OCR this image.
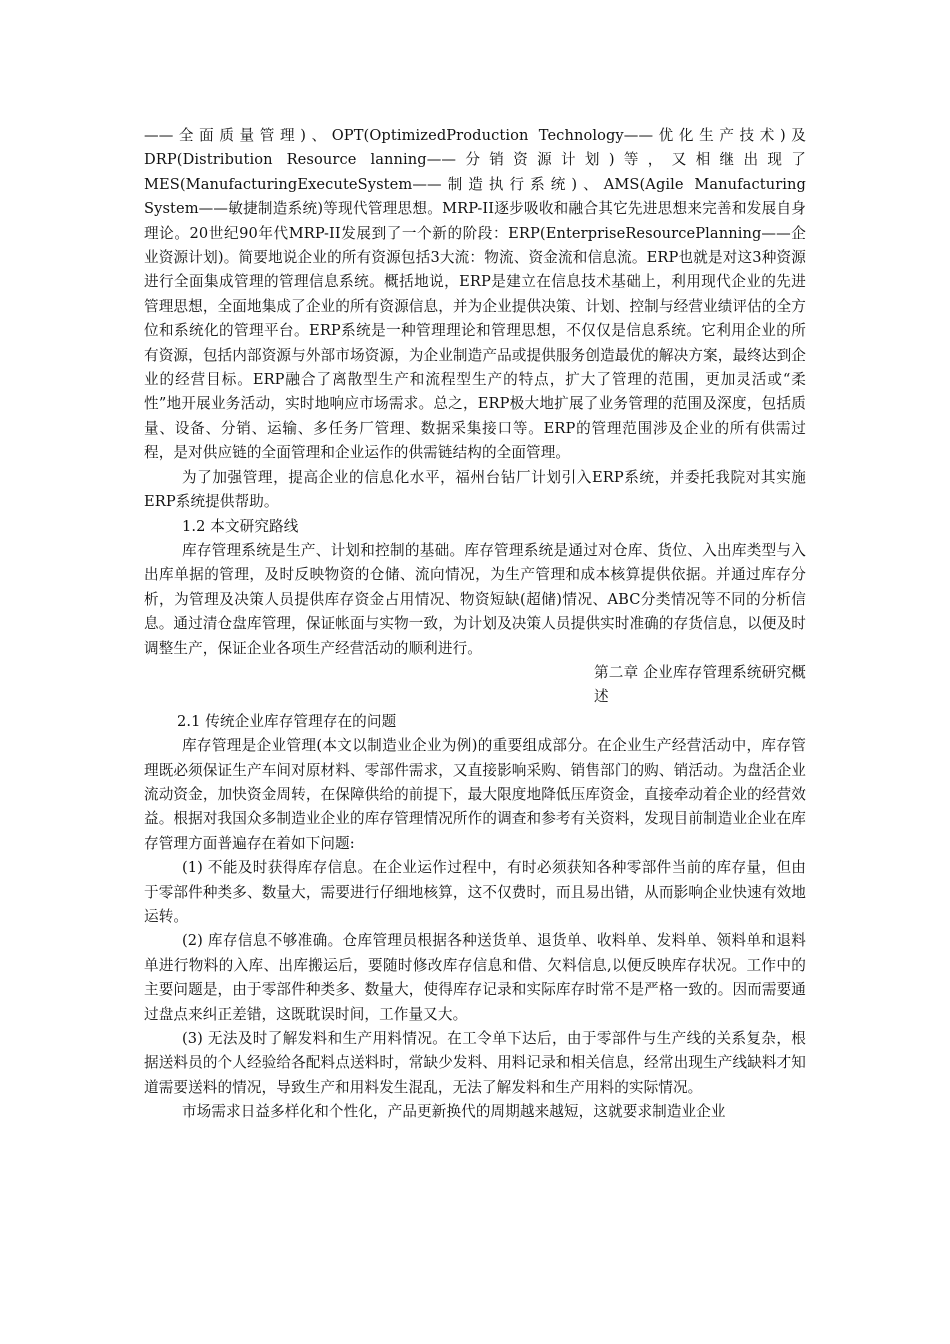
——全面质量管理)、OPT(OptimizedProduction Technology——优化生产技术)及DRP(Distribution Resource lanning——分销资源计划)等，又相继出现了MES(ManufacturingExecuteSystem——制造执行系统)、AMS(Agile Manufacturing System——敏捷制造系统)等现代管理思想。MRP-II逐步吸收和融合其它先进思想来完善和发展自身理论。20世纪90年代MRP-II发展到了一个新的阶段：ERP(EnterpriseResourcePlanning——企业资源计划)。简要地说企业的所有资源包括3大流：物流、资金流和信息流。ERP也就是对这3种资源进行全面集成管理的管理信息系统。概括地说，ERP是建立在信息技术基础上，利用现代企业的先进管理思想，全面地集成了企业的所有资源信息，并为企业提供决策、计划、控制与经营业绩评估的全方位和系统化的管理平台。ERP系统是一种管理理论和管理思想，不仅仅是信息系统。它利用企业的所有资源，包括内部资源与外部市场资源，为企业制造产品或提供服务创造最优的解决方案，最终达到企业的经营目标。ERP融合了离散型生产和流程型生产的特点，扩大了管理的范围，更加灵活或“柔性”地开展业务活动，实时地响应市场需求。总之，ERP极大地扩展了业务管理的范围及深度，包括质量、设备、分销、运输、多任务厂管理、数据采集接口等。ERP的管理范围涉及企业的所有供需过程，是对供应链的全面管理和企业运作的供需链结构的全面管理。

为了加强管理，提高企业的信息化水平，福州台钻厂计划引入ERP系统，并委托我院对其实施ERP系统提供帮助。

1.2 本文研究路线

库存管理系统是生产、计划和控制的基础。库存管理系统是通过对仓库、货位、入出库类型与入出库单据的管理，及时反映物资的仓储、流向情况，为生产管理和成本核算提供依据。并通过库存分析，为管理及决策人员提供库存资金占用情况、物资短缺(超储)情况、ABC分类情况等不同的分析信息。通过清仓盘库管理，保证帐面与实物一致，为计划及决策人员提供实时准确的存货信息，以便及时调整生产，保证企业各项生产经营活动的顺利进行。

第二章 企业库存管理系统研究概述

2.1 传统企业库存管理存在的问题

库存管理是企业管理(本文以制造业企业为例)的重要组成部分。在企业生产经营活动中，库存管理既必须保证生产车间对原材料、零部件需求，又直接影响采购、销售部门的购、销活动。为盘活企业流动资金，加快资金周转，在保障供给的前提下，最大限度地降低压库资金，直接牵动着企业的经营效益。根据对我国众多制造业企业的库存管理情况所作的调查和参考有关资料，发现目前制造业企业在库存管理方面普遍存在着如下问题:

(1) 不能及时获得库存信息。在企业运作过程中，有时必须获知各种零部件当前的库存量，但由于零部件种类多、数量大，需要进行仔细地核算，这不仅费时，而且易出错，从而影响企业快速有效地运转。

(2) 库存信息不够准确。仓库管理员根据各种送货单、退货单、收料单、发料单、领料单和退料单进行物料的入库、出库搬运后，要随时修改库存信息和借、欠料信息,以便反映库存状况。工作中的主要问题是，由于零部件种类多、数量大，使得库存记录和实际库存时常不是严格一致的。因而需要通过盘点来纠正差错，这既耽误时间，工作量又大。

(3) 无法及时了解发料和生产用料情况。在工令单下达后，由于零部件与生产线的关系复杂，根据送料员的个人经验给各配料点送料时，常缺少发料、用料记录和相关信息，经常出现生产线缺料才知道需要送料的情况，导致生产和用料发生混乱，无法了解发料和生产用料的实际情况。

市场需求日益多样化和个性化，产品更新换代的周期越来越短，这就要求制造业企业
